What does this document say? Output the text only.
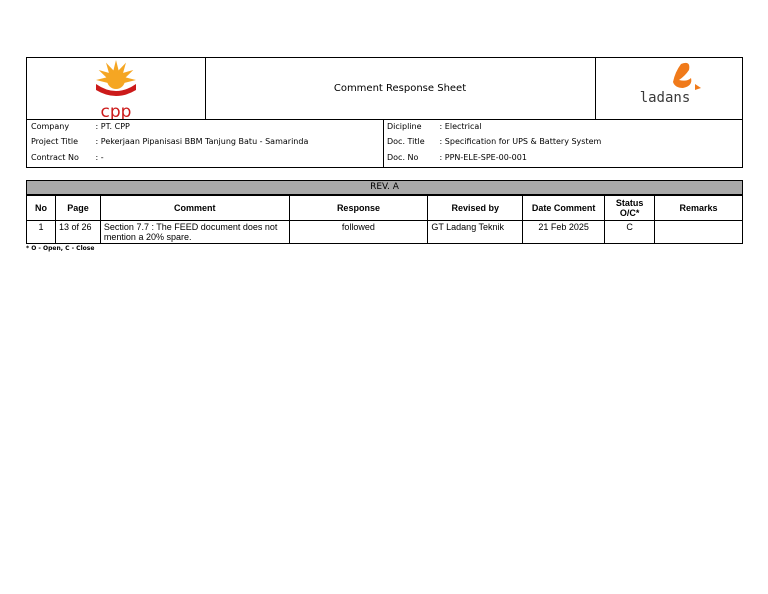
cpp
Comment Response Sheet
ladans
Company	: PT. CPP
Project Title : Pekerjaan Pipanisasi BBM Tanjung Batu - Samarinda
Contract No : -
Dicipline : Electrical
Doc. Title : Specification for UPS & Battery System
Doc. No	: PPN-ELE-SPE-00-001
REV. A
No	Page	Comment	Response	Revised by	Date Comment	Status O/C*	Remarks
1	13 of 26	Section 7.7 : The FEED document does not mention a 20% spare.	followed	GT Ladang Teknik	21 Feb 2025	C	
* O - Open, C - Close
